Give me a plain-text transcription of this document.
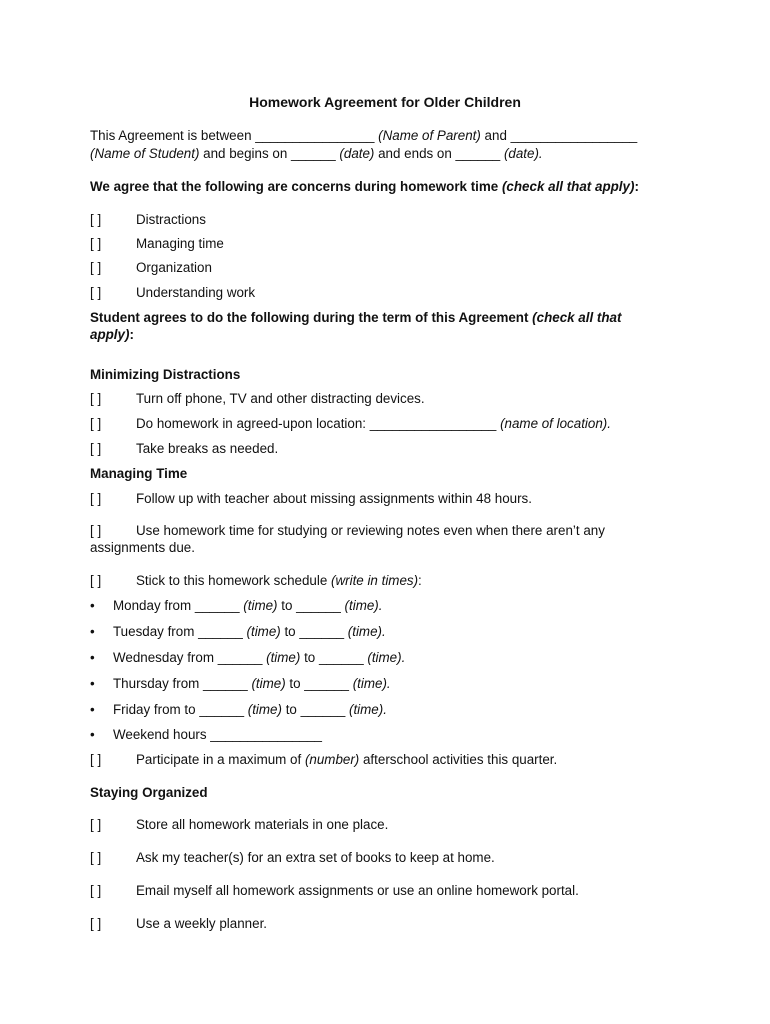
Homework Agreement for Older Children
This Agreement is between ________________ (Name of Parent) and _________________
(Name of Student) and begins on ______ (date) and ends on ______ (date).
We agree that the following are concerns during homework time (check all that apply):
[ ]	Distractions
[ ]	Managing time
[ ]	Organization
[ ]	Understanding work
Student agrees to do the following during the term of this Agreement (check all that
apply):
Minimizing Distractions
[ ]	Turn off phone, TV and other distracting devices.
[ ]	Do homework in agreed-upon location: _________________ (name of location).
[ ]	Take breaks as needed.
Managing Time
[ ]	Follow up with teacher about missing assignments within 48 hours.
[ ]	Use homework time for studying or reviewing notes even when there aren’t any
assignments due.
[ ]	Stick to this homework schedule (write in times):
• Monday from ______ (time) to ______ (time).
• Tuesday from ______ (time) to ______ (time).
• Wednesday from ______ (time) to ______ (time).
• Thursday from ______ (time) to ______ (time).
• Friday from to ______ (time) to ______ (time).
• Weekend hours _______________
[ ]	Participate in a maximum of (number) afterschool activities this quarter.
Staying Organized
[ ]	Store all homework materials in one place.
[ ]	Ask my teacher(s) for an extra set of books to keep at home.
[ ]	Email myself all homework assignments or use an online homework portal.
[ ]	Use a weekly planner.
